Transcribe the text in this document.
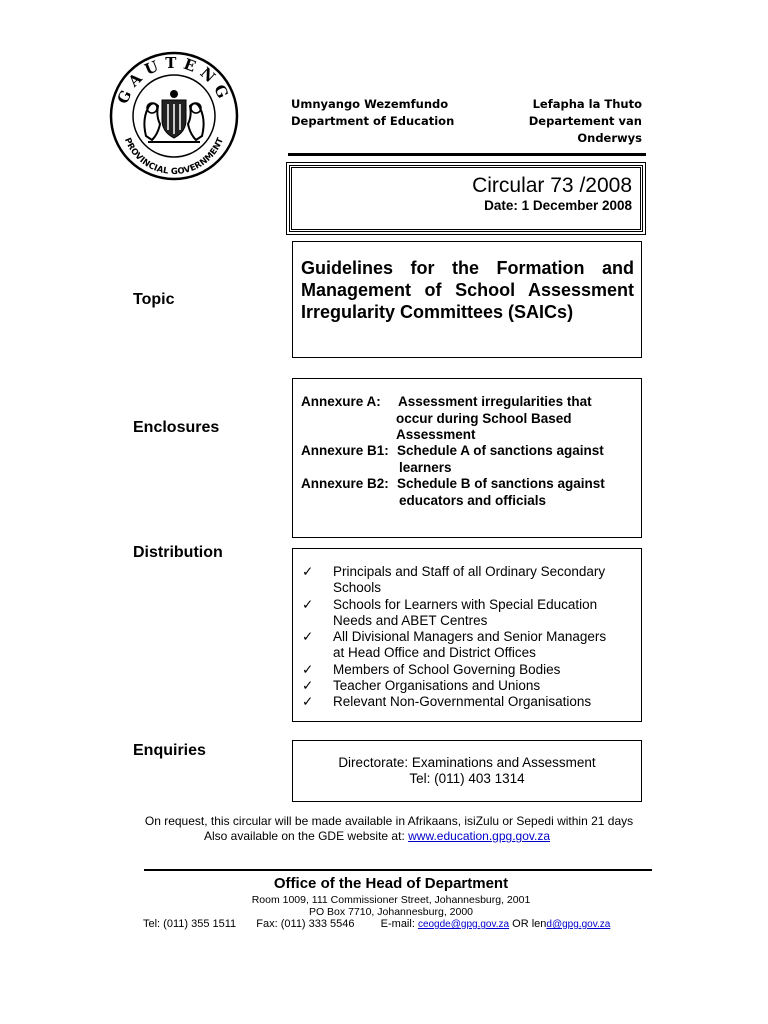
GAUTENG
PROVINCIAL GOVERNMENT
Umnyango Wezemfundo
Department of Education
Lefapha la Thuto
Departement van Onderwys
Circular 73 /2008
Date: 1 December 2008
Topic
Guidelines for the Formation and Management of School Assessment Irregularity Committees (SAICs)
Enclosures
Annexure A: Assessment irregularities that
occur during School Based
Assessment
Annexure B1: Schedule A of sanctions against
learners
Annexure B2: Schedule B of sanctions against
educators and officials
Distribution
✓	Principals and Staff of all Ordinary Secondary
Schools
✓	Schools for Learners with Special Education
Needs and ABET Centres
✓	All Divisional Managers and Senior Managers
at Head Office and District Offices
✓	Members of School Governing Bodies
✓	Teacher Organisations and Unions
✓	Relevant Non-Governmental Organisations
Enquiries
Directorate: Examinations and Assessment
Tel: (011) 403 1314
On request, this circular will be made available in Afrikaans, isiZulu or Sepedi within 21 days
Also available on the GDE website at: www.education.gpg.gov.za
Office of the Head of Department
Room 1009, 111 Commissioner Street, Johannesburg, 2001
PO Box 7710, Johannesburg, 2000
Tel: (011) 355 1511 Fax: (011) 333 5546 E-mail: ceogde@gpg.gov.za OR lend@gpg.gov.za
